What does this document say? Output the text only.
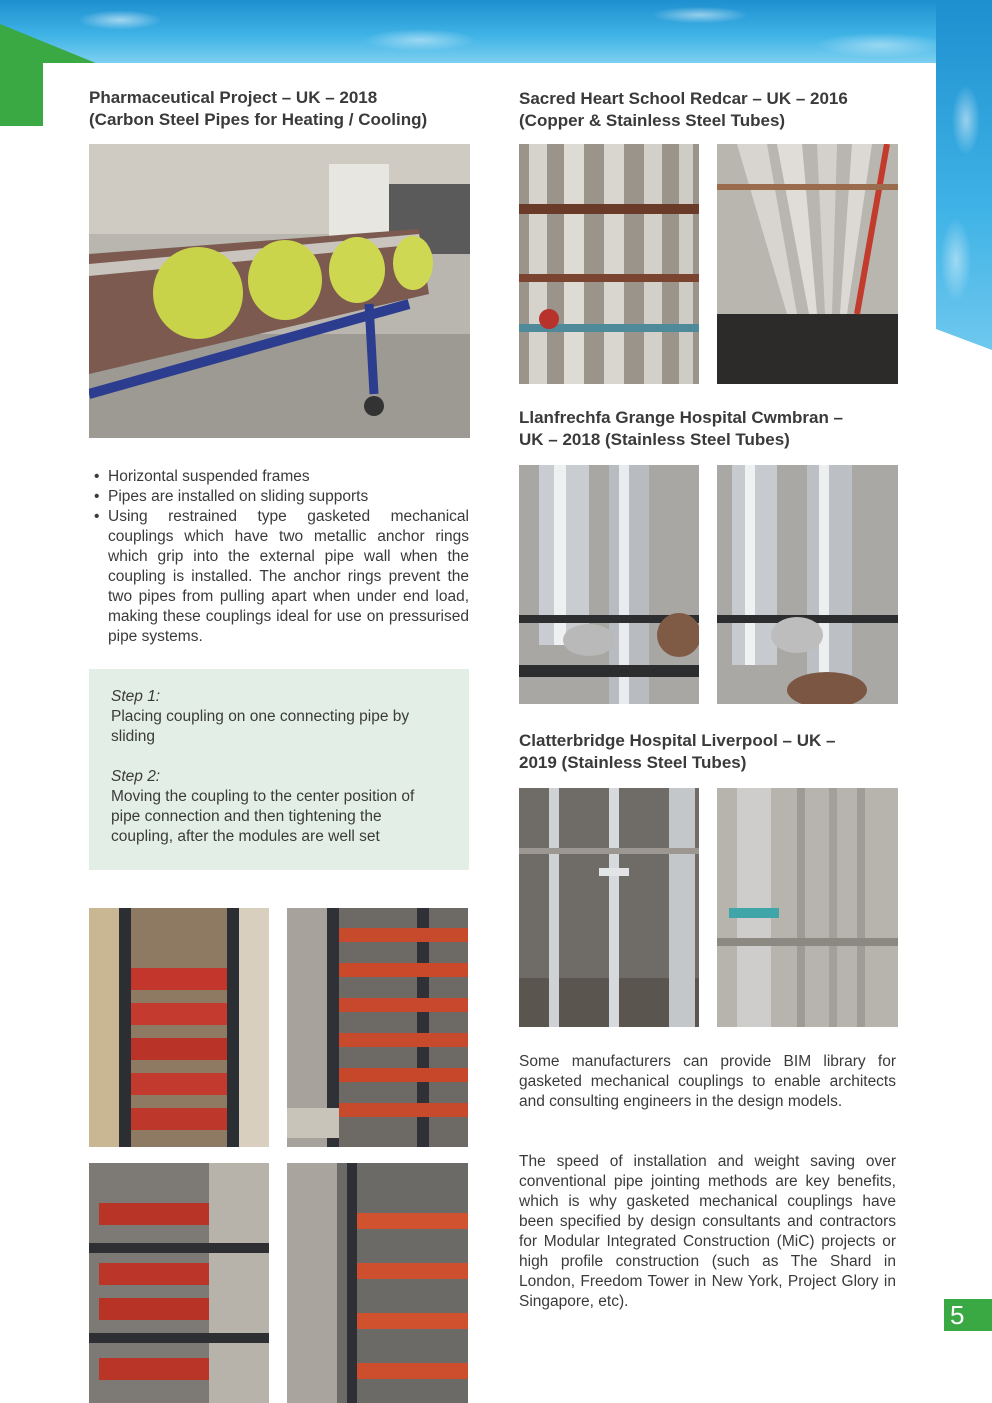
Pharmaceutical Project – UK – 2018
(Carbon Steel Pipes for Heating / Cooling)
• Horizontal suspended frames
• Pipes are installed on sliding supports
• Using restrained type gasketed mechanical couplings which have two metallic anchor rings which grip into the external pipe wall when the coupling is installed. The anchor rings prevent the two pipes from pulling apart when under end load, making these couplings ideal for use on pressurised pipe systems.
Step 1:
Placing coupling on one connecting pipe by sliding
Step 2:
Moving the coupling to the center position of pipe connection and then tightening the coupling, after the modules are well set
Sacred Heart School Redcar – UK – 2016
(Copper & Stainless Steel Tubes)
Llanfrechfa Grange Hospital Cwmbran –
UK – 2018 (Stainless Steel Tubes)
Clatterbridge Hospital Liverpool – UK –
2019 (Stainless Steel Tubes)

Some manufacturers can provide BIM library for gasketed mechanical couplings to enable architects and consulting engineers in the design models.

The speed of installation and weight saving over conventional pipe jointing methods are key benefits, which is why gasketed mechanical couplings have been specified by design consultants and contractors for Modular Integrated Construction (MiC) projects or high profile construction (such as The Shard in London, Freedom Tower in New York, Project Glory in Singapore, etc).	5
